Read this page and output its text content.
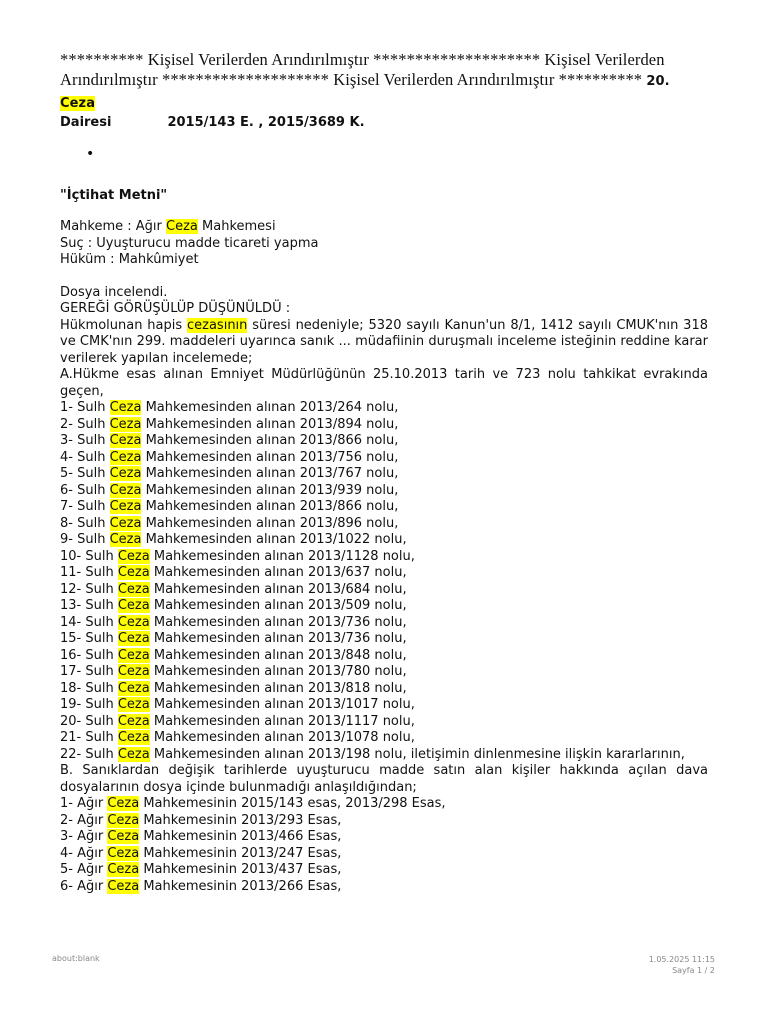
********** Kişisel Verilerden Arındırılmıştır ******************** Kişisel Verilerden Arındırılmıştır ******************** Kişisel Verilerden Arındırılmıştır ********** 20. Ceza
Dairesi	2015/143 E. , 2015/3689 K.
•
"İçtihat Metni"
Mahkeme : Ağır Ceza Mahkemesi
Suç : Uyuşturucu madde ticareti yapma
Hüküm : Mahkûmiyet
Dosya incelendi.
GEREĞİ GÖRÜŞÜLÜP DÜŞÜNÜLDÜ :
Hükmolunan hapis cezasının süresi nedeniyle; 5320 sayılı Kanun'un 8/1, 1412 sayılı CMUK'nın 318 ve CMK'nın 299. maddeleri uyarınca sanık ... müdafiinin duruşmalı inceleme isteğinin reddine karar verilerek yapılan incelemede;
A.Hükme esas alınan Emniyet Müdürlüğünün 25.10.2013 tarih ve 723 nolu tahkikat evrakında geçen,
1- Sulh Ceza Mahkemesinden alınan 2013/264 nolu,
2- Sulh Ceza Mahkemesinden alınan 2013/894 nolu,
3- Sulh Ceza Mahkemesinden alınan 2013/866 nolu,
4- Sulh Ceza Mahkemesinden alınan 2013/756 nolu,
5- Sulh Ceza Mahkemesinden alınan 2013/767 nolu,
6- Sulh Ceza Mahkemesinden alınan 2013/939 nolu,
7- Sulh Ceza Mahkemesinden alınan 2013/866 nolu,
8- Sulh Ceza Mahkemesinden alınan 2013/896 nolu,
9- Sulh Ceza Mahkemesinden alınan 2013/1022 nolu,
10- Sulh Ceza Mahkemesinden alınan 2013/1128 nolu,
11- Sulh Ceza Mahkemesinden alınan 2013/637 nolu,
12- Sulh Ceza Mahkemesinden alınan 2013/684 nolu,
13- Sulh Ceza Mahkemesinden alınan 2013/509 nolu,
14- Sulh Ceza Mahkemesinden alınan 2013/736 nolu,
15- Sulh Ceza Mahkemesinden alınan 2013/736 nolu,
16- Sulh Ceza Mahkemesinden alınan 2013/848 nolu,
17- Sulh Ceza Mahkemesinden alınan 2013/780 nolu,
18- Sulh Ceza Mahkemesinden alınan 2013/818 nolu,
19- Sulh Ceza Mahkemesinden alınan 2013/1017 nolu,
20- Sulh Ceza Mahkemesinden alınan 2013/1117 nolu,
21- Sulh Ceza Mahkemesinden alınan 2013/1078 nolu,
22- Sulh Ceza Mahkemesinden alınan 2013/198 nolu, iletişimin dinlenmesine ilişkin kararlarının,
B. Sanıklardan değişik tarihlerde uyuşturucu madde satın alan kişiler hakkında açılan dava dosyalarının dosya içinde bulunmadığı anlaşıldığından;
1- Ağır Ceza Mahkemesinin 2015/143 esas, 2013/298 Esas,
2- Ağır Ceza Mahkemesinin 2013/293 Esas,
3- Ağır Ceza Mahkemesinin 2013/466 Esas,
4- Ağır Ceza Mahkemesinin 2013/247 Esas,
5- Ağır Ceza Mahkemesinin 2013/437 Esas,
6- Ağır Ceza Mahkemesinin 2013/266 Esas,
about:blank	1.05.2025 11:15
Sayfa 1 / 2
